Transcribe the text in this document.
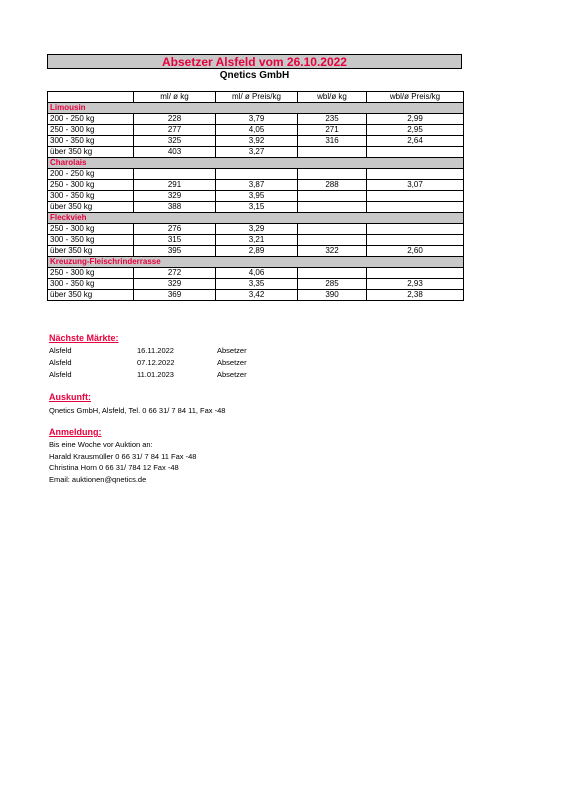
Absetzer Alsfeld vom 26.10.2022
Qnetics GmbH
	ml/ ø kg	ml/ ø Preis/kg	wbl/ø kg	wbl/ø Preis/kg
Limousin				
200 - 250 kg	228	3,79	235	2,99
250 - 300 kg	277	4,05	271	2,95
300 - 350 kg	325	3,92	316	2,64
über 350 kg	403	3,27		
Charolais				
200 - 250 kg				
250 - 300 kg	291	3,87	288	3,07
300 - 350 kg	329	3,95		
über 350 kg	388	3,15		
Fleckvieh				
250 - 300 kg	276	3,29		
300 - 350 kg	315	3,21		
über 350 kg	395	2,89	322	2,60
Kreuzung-Fleischrinderrasse				
250 - 300 kg	272	4,06		
300 - 350 kg	329	3,35	285	2,93
über 350 kg	369	3,42	390	2,38
Nächste Märkte:
Alsfeld	16.11.2022	Absetzer
Alsfeld	07.12.2022	Absetzer
Alsfeld	11.01.2023	Absetzer
Auskunft:
Qnetics GmbH, Alsfeld, Tel. 0 66 31/ 7 84 11, Fax -48
Anmeldung:
Bis eine Woche vor Auktion an:
Harald Krausmüller 0 66 31/ 7 84 11 Fax -48
Christina Horn 0 66 31/ 784 12 Fax -48
Email: auktionen@qnetics.de
